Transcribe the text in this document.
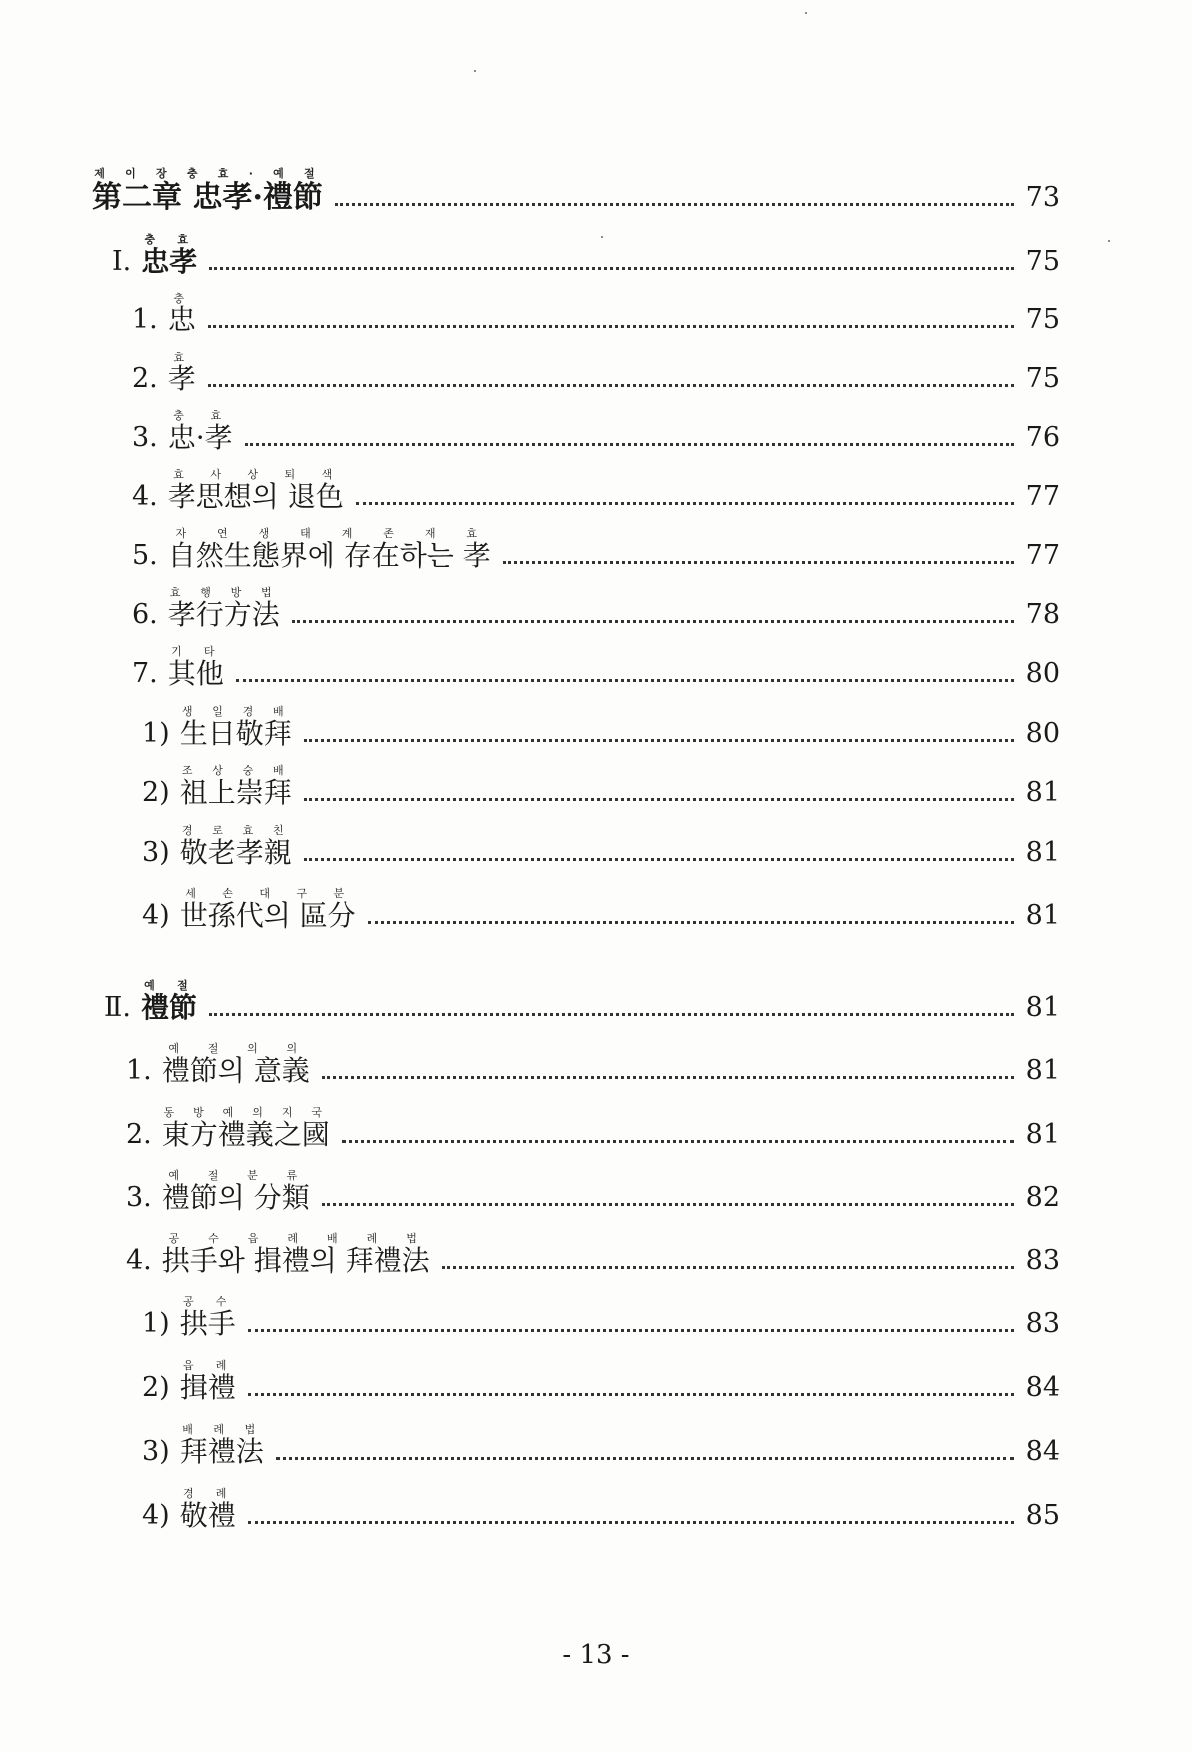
第二章 忠孝·禮節제 이 장 충 효 · 예 절
73
Ⅰ. 忠孝충 효
75
1. 忠충
75
2. 孝효
75
3. 忠·孝충 효
76
4. 孝思想의 退色효 사 상 퇴 색
77
5. 自然生態界에 存在하는 孝자 연 생 태 계 존 재 효
77
6. 孝行方法효 행 방 법
78
7. 其他기 타
80
1) 生日敬拜생 일 경 배
80
2) 祖上崇拜조 상 숭 배
81
3) 敬老孝親경 로 효 친
81
4) 世孫代의 區分세 손 대 구 분
81
Ⅱ. 禮節예 절
81
1. 禮節의 意義예 절 의 의
81
2. 東方禮義之國동 방 예 의 지 국
81
3. 禮節의 分類예 절 분 류
82
4. 拱手와 揖禮의 拜禮法공 수 읍 례 배 례 법
83
1) 拱手공 수
83
2) 揖禮읍 례
84
3) 拜禮法배 례 법
84
4) 敬禮경 례
85
- 13 -
